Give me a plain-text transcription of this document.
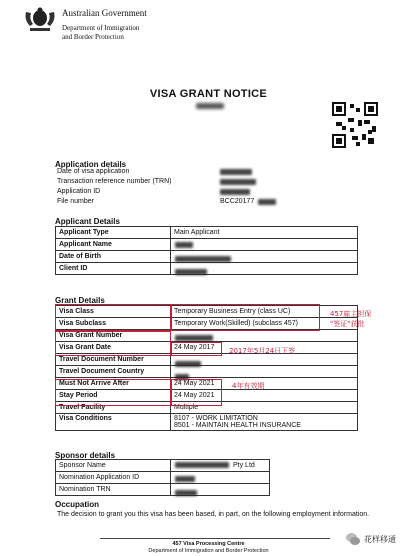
Australian Government
Department of Immigration
and Border Protection
VISA GRANT NOTICE
Application details
Date of visa application
Transaction reference number (TRN)
Application ID
File number	BCC20177
Applicant Details
Applicant Type	Main Applicant
Applicant Name	
Date of Birth	
Client ID	
Grant Details
Visa Class	Temporary Business Entry (class UC)
Visa Subclass	Temporary Work(Skilled) (subclass 457)
Visa Grant Number	
Visa Grant Date	24 May 2017
Travel Document Number	
Travel Document Country	
Must Not Arrive After	24 May 2021
Stay Period	24 May 2021
Travel Facility	Multiple
Visa Conditions	8107 - WORK LIMITATION
8501 - MAINTAIN HEALTH INSURANCE
457雇主担保
"签证"获批
2017年5月24日下签
4年有效期
Sponsor details
Sponsor Name	Pty Ltd
Nomination Application ID	
Nomination TRN	
Occupation
The decision to grant you this visa has been based, in part, on the following employment information.
457 Visa Processing Centre
Department of Immigration and Border Protection
花样移通
